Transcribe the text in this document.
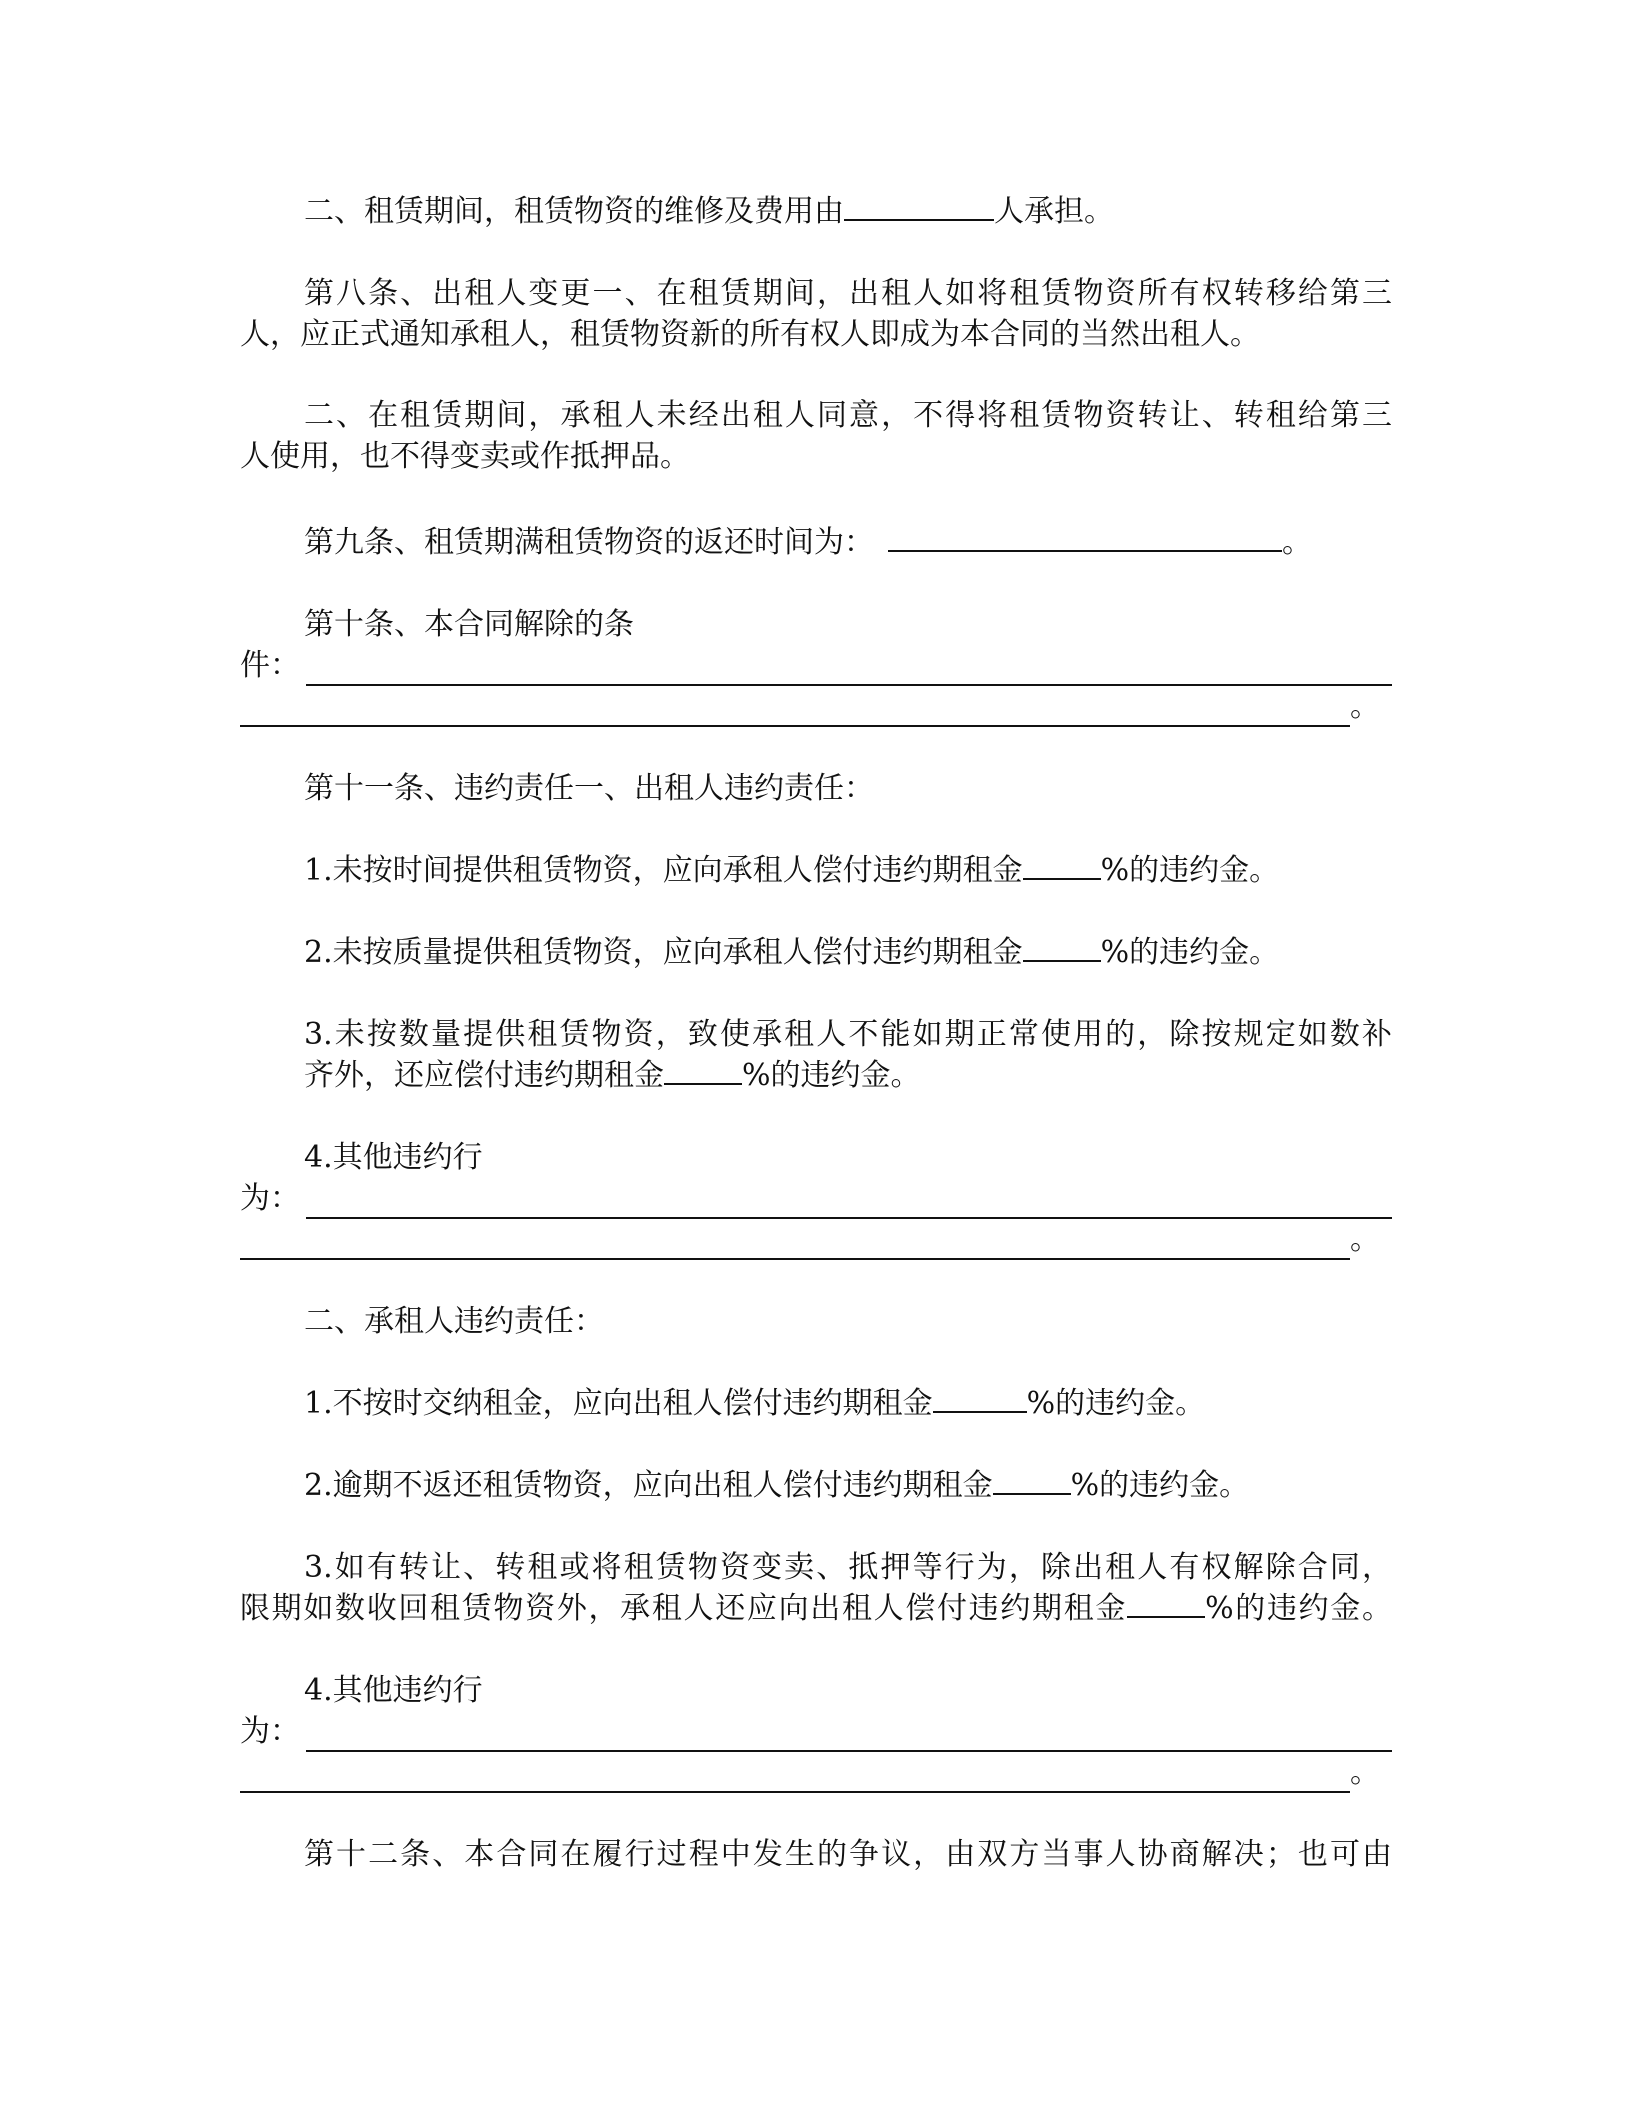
二、租赁期间，租赁物资的维修及费用由	人承担。
第八条、出租人变更一、在租赁期间，出租人如将租赁物资所有权转移给第三
人，应正式通知承租人，租赁物资新的所有权人即成为本合同的当然出租人。
二、在租赁期间，承租人未经出租人同意，不得将租赁物资转让、转租给第三
人使用，也不得变卖或作抵押品。
第九条、租赁期满租赁物资的返还时间为：	。
第十条、本合同解除的条
件：
。
第十一条、违约责任一、出租人违约责任：
1.未按时间提供租赁物资，应向承租人偿付违约期租金	%的违约金。
2.未按质量提供租赁物资，应向承租人偿付违约期租金	%的违约金。
3.未按数量提供租赁物资，致使承租人不能如期正常使用的，除按规定如数补
齐外，还应偿付违约期租金	%的违约金。
4.其他违约行
为：
。
二、承租人违约责任：
1.不按时交纳租金，应向出租人偿付违约期租金	%的违约金。
2.逾期不返还租赁物资，应向出租人偿付违约期租金	%的违约金。
3.如有转让、转租或将租赁物资变卖、抵押等行为，除出租人有权解除合同，
限期如数收回租赁物资外，承租人还应向出租人偿付违约期租金	%的违约金。
4.其他违约行
为：
。
第十二条、本合同在履行过程中发生的争议，由双方当事人协商解决；也可由
